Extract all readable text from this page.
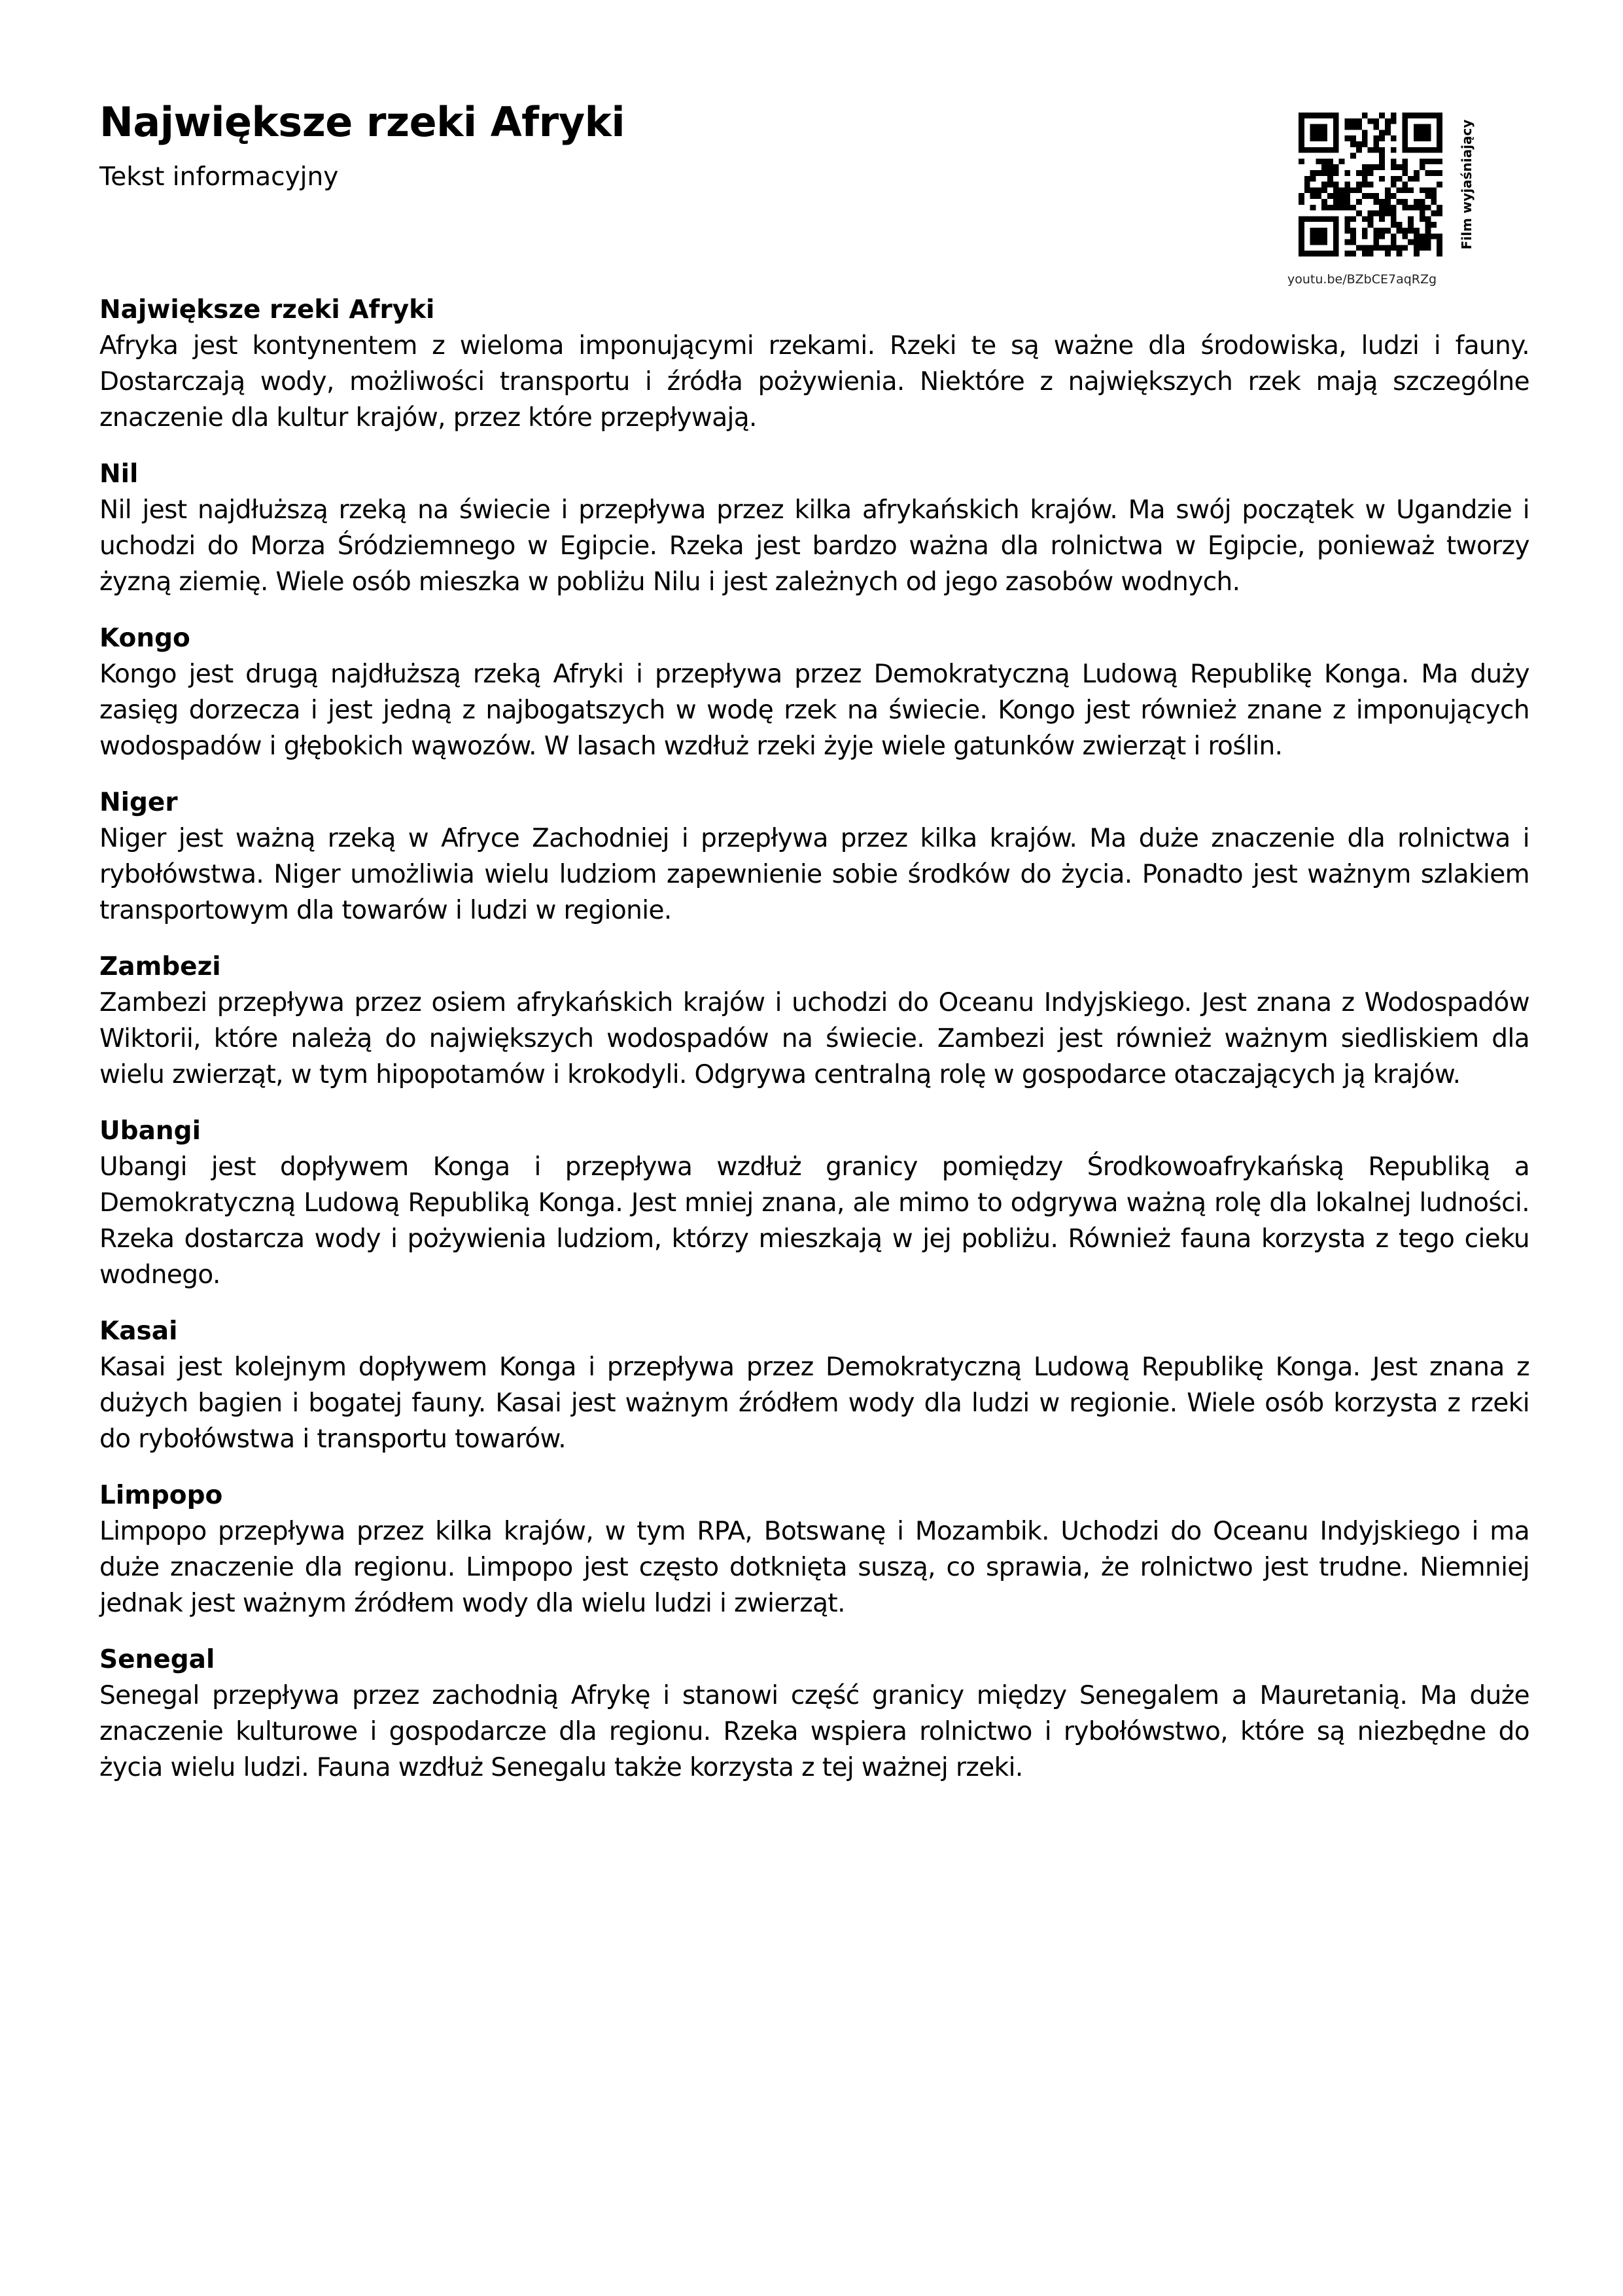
Największe rzeki Afryki

Tekst informacyjny	Film wyjaśniający
youtu.be/BZbCE7aqRZg
Największe rzeki Afryki

Afryka jest kontynentem z wieloma imponującymi rzekami. Rzeki te są ważne dla środowiska, ludzi i fauny. Dostarczają wody, możliwości transportu i źródła pożywienia. Niektóre z największych rzek mają szczególne znaczenie dla kultur krajów, przez które przepływają.

Nil

Nil jest najdłuższą rzeką na świecie i przepływa przez kilka afrykańskich krajów. Ma swój początek w Ugandzie i uchodzi do Morza Śródziemnego w Egipcie. Rzeka jest bardzo ważna dla rolnictwa w Egipcie, ponieważ tworzy żyzną ziemię. Wiele osób mieszka w pobliżu Nilu i jest zależnych od jego zasobów wodnych.

Kongo

Kongo jest drugą najdłuższą rzeką Afryki i przepływa przez Demokratyczną Ludową Republikę Konga. Ma duży zasięg dorzecza i jest jedną z najbogatszych w wodę rzek na świecie. Kongo jest również znane z imponujących wodospadów i głębokich wąwozów. W lasach wzdłuż rzeki żyje wiele gatunków zwierząt i roślin.

Niger

Niger jest ważną rzeką w Afryce Zachodniej i przepływa przez kilka krajów. Ma duże znaczenie dla rolnictwa i rybołówstwa. Niger umożliwia wielu ludziom zapewnienie sobie środków do życia. Ponadto jest ważnym szlakiem transportowym dla towarów i ludzi w regionie.

Zambezi

Zambezi przepływa przez osiem afrykańskich krajów i uchodzi do Oceanu Indyjskiego. Jest znana z Wodospadów Wiktorii, które należą do największych wodospadów na świecie. Zambezi jest również ważnym siedliskiem dla wielu zwierząt, w tym hipopotamów i krokodyli. Odgrywa centralną rolę w gospodarce otaczających ją krajów.

Ubangi

Ubangi jest dopływem Konga i przepływa wzdłuż granicy pomiędzy Środkowoafrykańską Republiką a Demokratyczną Ludową Republiką Konga. Jest mniej znana, ale mimo to odgrywa ważną rolę dla lokalnej ludności. Rzeka dostarcza wody i pożywienia ludziom, którzy mieszkają w jej pobliżu. Również fauna korzysta z tego cieku wodnego.

Kasai

Kasai jest kolejnym dopływem Konga i przepływa przez Demokratyczną Ludową Republikę Konga. Jest znana z dużych bagien i bogatej fauny. Kasai jest ważnym źródłem wody dla ludzi w regionie. Wiele osób korzysta z rzeki do rybołówstwa i transportu towarów.

Limpopo

Limpopo przepływa przez kilka krajów, w tym RPA, Botswanę i Mozambik. Uchodzi do Oceanu Indyjskiego i ma duże znaczenie dla regionu. Limpopo jest często dotknięta suszą, co sprawia, że rolnictwo jest trudne. Niemniej jednak jest ważnym źródłem wody dla wielu ludzi i zwierząt.

Senegal

Senegal przepływa przez zachodnią Afrykę i stanowi część granicy między Senegalem a Mauretanią. Ma duże znaczenie kulturowe i gospodarcze dla regionu. Rzeka wspiera rolnictwo i rybołówstwo, które są niezbędne do życia wielu ludzi. Fauna wzdłuż Senegalu także korzysta z tej ważnej rzeki.
